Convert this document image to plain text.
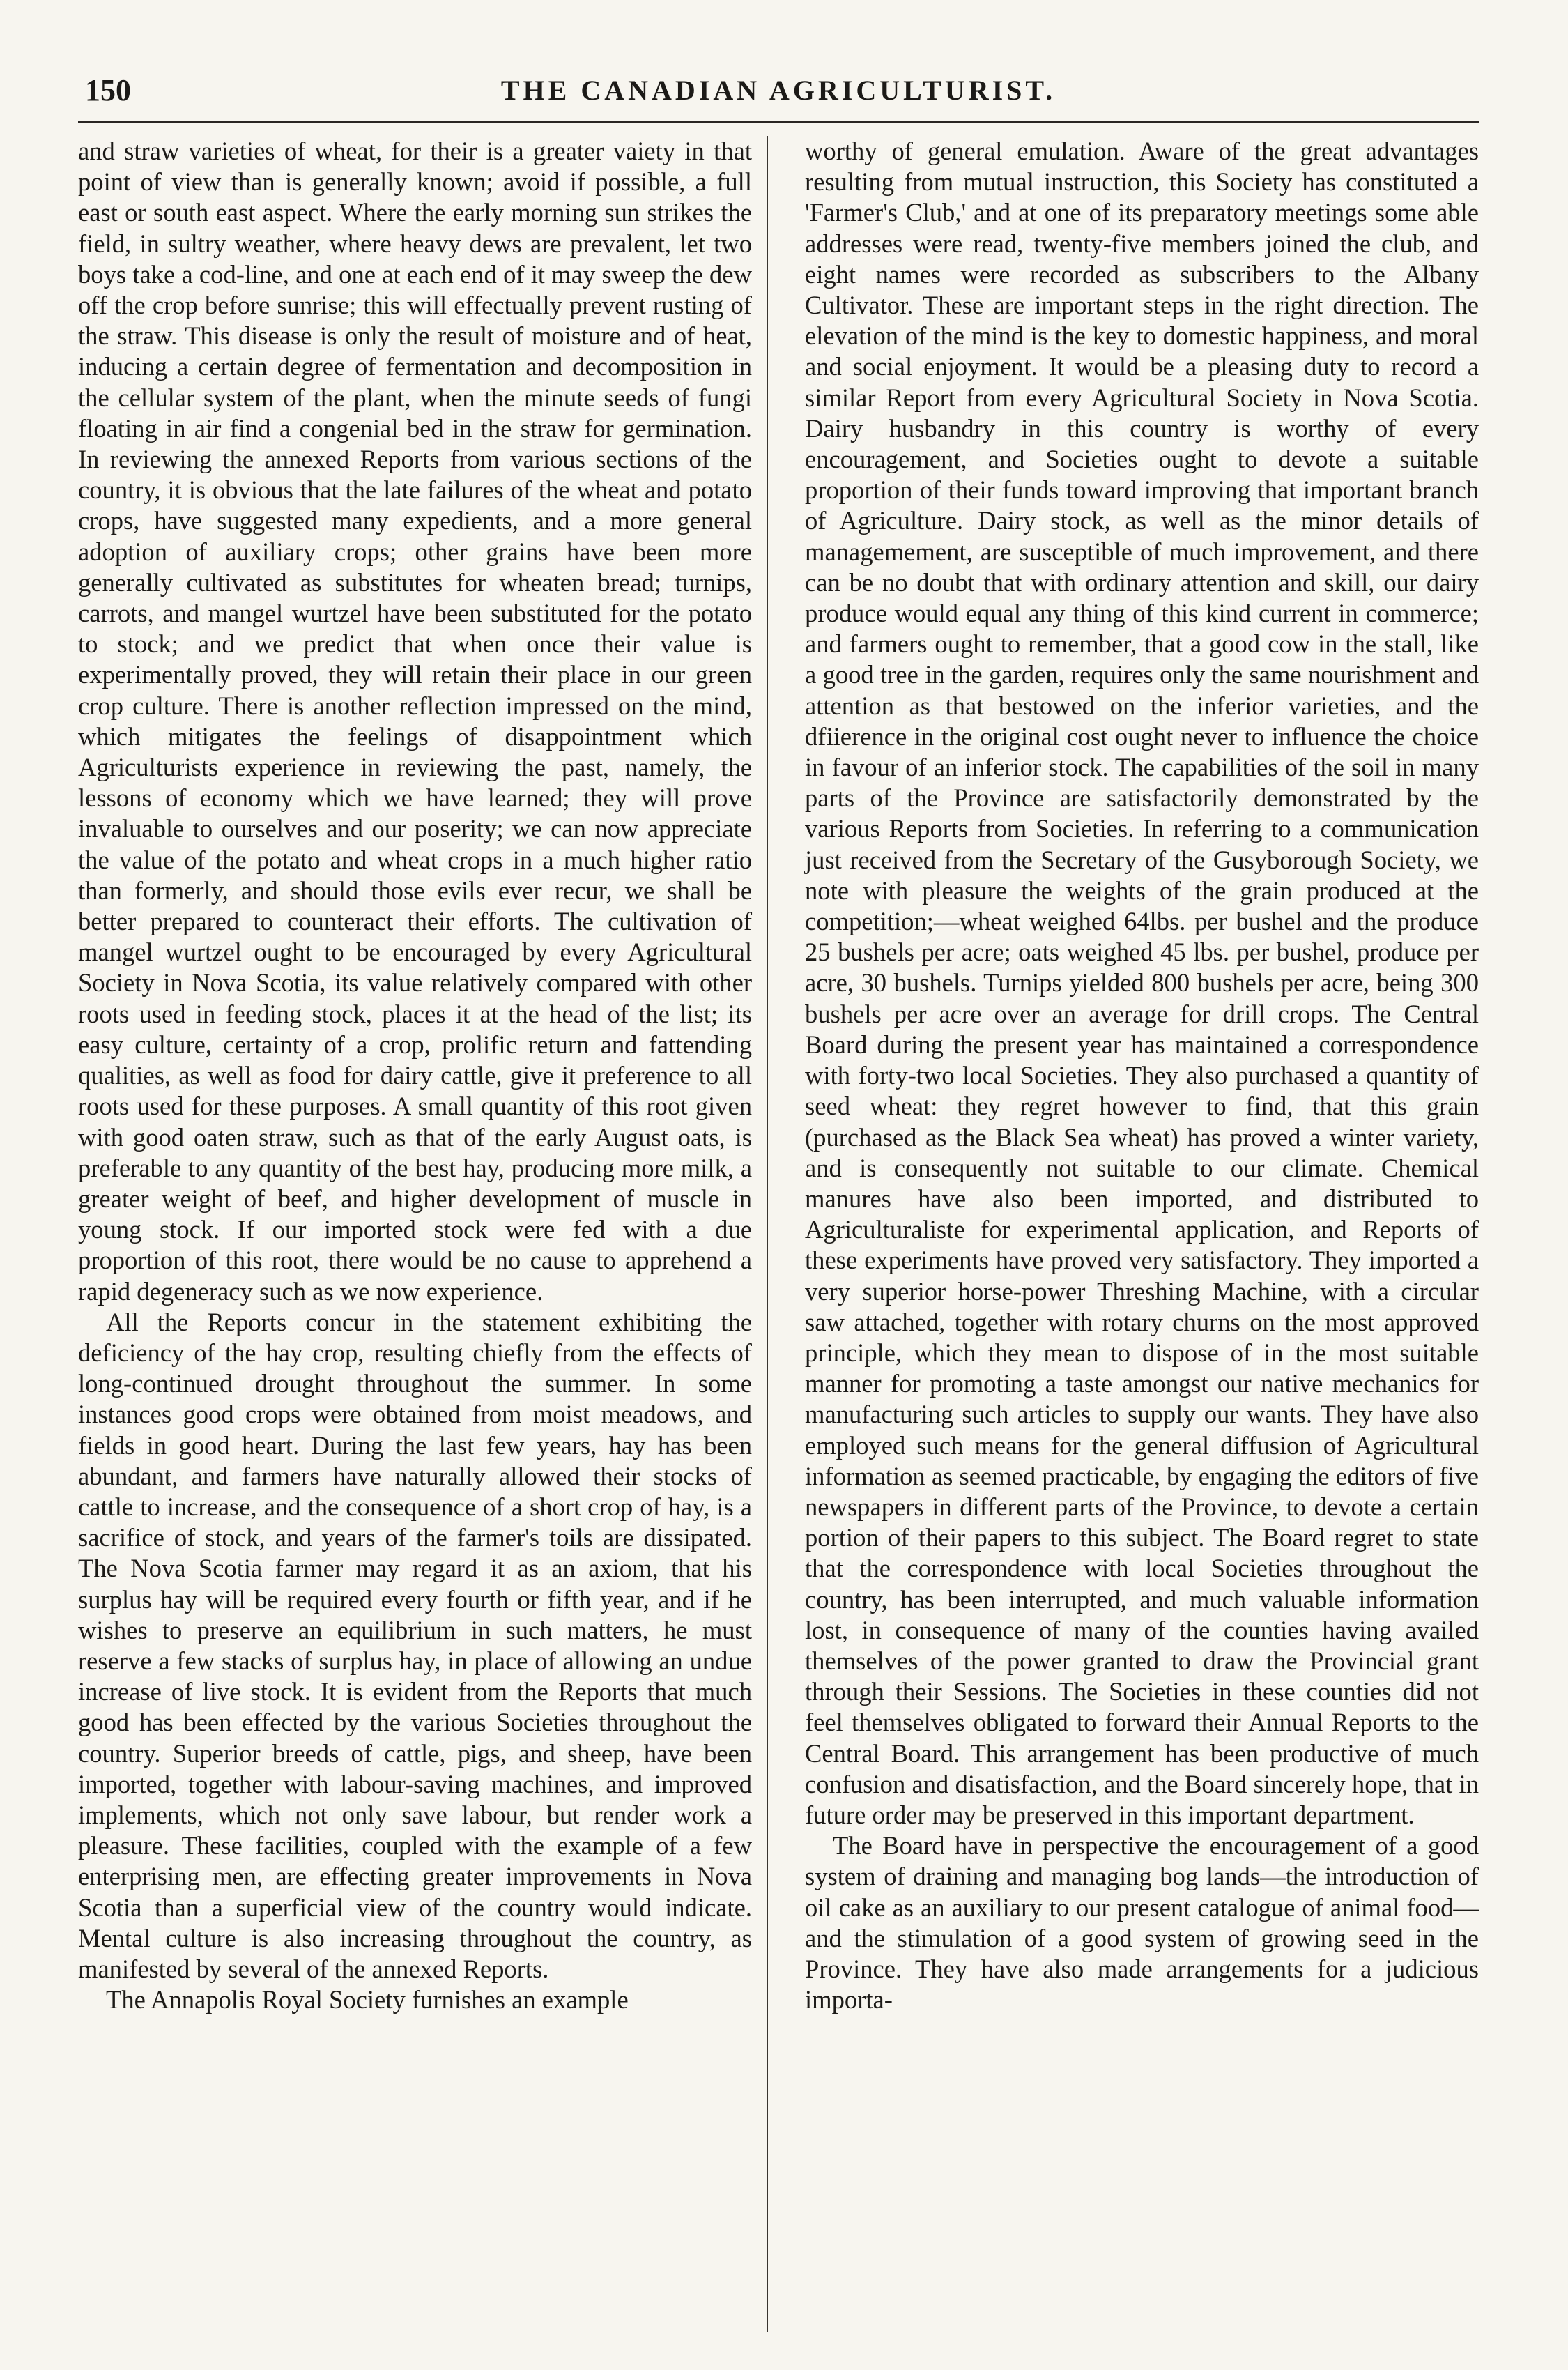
150	THE CANADIAN AGRICULTURIST.

and straw varieties of wheat, for their is a greater vaiety in that point of view than is generally known; avoid if possible, a full east or south east aspect. Where the early morning sun strikes the field, in sultry weather, where heavy dews are prevalent, let two boys take a cod-line, and one at each end of it may sweep the dew off the crop before sunrise; this will effectually prevent rusting of the straw. This disease is only the result of moisture and of heat, inducing a certain degree of fermentation and decomposition in the cellular system of the plant, when the minute seeds of fungi floating in air find a congenial bed in the straw for germination. In reviewing the annexed Reports from various sections of the country, it is obvious that the late failures of the wheat and potato crops, have suggested many expedients, and a more general adoption of auxiliary crops; other grains have been more generally cultivated as substitutes for wheaten bread; turnips, carrots, and mangel wurtzel have been substituted for the potato to stock; and we predict that when once their value is experimentally proved, they will retain their place in our green crop culture. There is another reflection impressed on the mind, which mitigates the feelings of disappointment which Agriculturists experience in reviewing the past, namely, the lessons of economy which we have learned; they will prove invaluable to ourselves and our poserity; we can now appreciate the value of the potato and wheat crops in a much higher ratio than formerly, and should those evils ever recur, we shall be better prepared to counteract their efforts. The cultivation of mangel wurtzel ought to be encouraged by every Agricultural Society in Nova Scotia, its value relatively compared with other roots used in feeding stock, places it at the head of the list; its easy culture, certainty of a crop, prolific return and fattending qualities, as well as food for dairy cattle, give it preference to all roots used for these purposes. A small quantity of this root given with good oaten straw, such as that of the early August oats, is preferable to any quantity of the best hay, producing more milk, a greater weight of beef, and higher development of muscle in young stock. If our imported stock were fed with a due proportion of this root, there would be no cause to apprehend a rapid degeneracy such as we now experience.

All the Reports concur in the statement exhibiting the deficiency of the hay crop, resulting chiefly from the effects of long-continued drought throughout the summer. In some instances good crops were obtained from moist meadows, and fields in good heart. During the last few years, hay has been abundant, and farmers have naturally allowed their stocks of cattle to increase, and the consequence of a short crop of hay, is a sacrifice of stock, and years of the farmer's toils are dissipated. The Nova Scotia farmer may regard it as an axiom, that his surplus hay will be required every fourth or fifth year, and if he wishes to preserve an equilibrium in such matters, he must reserve a few stacks of surplus hay, in place of allowing an undue increase of live stock. It is evident from the Reports that much good has been effected by the various Societies throughout the country. Superior breeds of cattle, pigs, and sheep, have been imported, together with labour-saving machines, and improved implements, which not only save labour, but render work a pleasure. These facilities, coupled with the example of a few enterprising men, are effecting greater improvements in Nova Scotia than a superficial view of the country would indicate. Mental culture is also increasing throughout the country, as manifested by several of the annexed Reports.

The Annapolis Royal Society furnishes an example

worthy of general emulation. Aware of the great advantages resulting from mutual instruction, this Society has constituted a 'Farmer's Club,' and at one of its preparatory meetings some able addresses were read, twenty-five members joined the club, and eight names were recorded as subscribers to the Albany Cultivator. These are important steps in the right direction. The elevation of the mind is the key to domestic happiness, and moral and social enjoyment. It would be a pleasing duty to record a similar Report from every Agricultural Society in Nova Scotia. Dairy husbandry in this country is worthy of every encouragement, and Societies ought to devote a suitable proportion of their funds toward improving that important branch of Agriculture. Dairy stock, as well as the minor details of managemement, are susceptible of much improvement, and there can be no doubt that with ordinary attention and skill, our dairy produce would equal any thing of this kind current in commerce; and farmers ought to remember, that a good cow in the stall, like a good tree in the garden, requires only the same nourishment and attention as that bestowed on the inferior varieties, and the dfiierence in the original cost ought never to influence the choice in favour of an inferior stock. The capabilities of the soil in many parts of the Province are satisfactorily demonstrated by the various Reports from Societies. In referring to a communication just received from the Secretary of the Gusyborough Society, we note with pleasure the weights of the grain produced at the competition;—wheat weighed 64lbs. per bushel and the produce 25 bushels per acre; oats weighed 45 lbs. per bushel, produce per acre, 30 bushels. Turnips yielded 800 bushels per acre, being 300 bushels per acre over an average for drill crops. The Central Board during the present year has maintained a correspondence with forty-two local Societies. They also purchased a quantity of seed wheat: they regret however to find, that this grain (purchased as the Black Sea wheat) has proved a winter variety, and is consequently not suitable to our climate. Chemical manures have also been imported, and distributed to Agriculturaliste for experimental application, and Reports of these experiments have proved very satisfactory. They imported a very superior horse-power Threshing Machine, with a circular saw attached, together with rotary churns on the most approved principle, which they mean to dispose of in the most suitable manner for promoting a taste amongst our native mechanics for manufacturing such articles to supply our wants. They have also employed such means for the general diffusion of Agricultural information as seemed practicable, by engaging the editors of five newspapers in different parts of the Province, to devote a certain portion of their papers to this subject. The Board regret to state that the correspondence with local Societies throughout the country, has been interrupted, and much valuable information lost, in consequence of many of the counties having availed themselves of the power granted to draw the Provincial grant through their Sessions. The Societies in these counties did not feel themselves obligated to forward their Annual Reports to the Central Board. This arrangement has been productive of much confusion and disatisfaction, and the Board sincerely hope, that in future order may be preserved in this important department.

The Board have in perspective the encouragement of a good system of draining and managing bog lands—the introduction of oil cake as an auxiliary to our present catalogue of animal food—and the stimulation of a good system of growing seed in the Province. They have also made arrangements for a judicious importa-
